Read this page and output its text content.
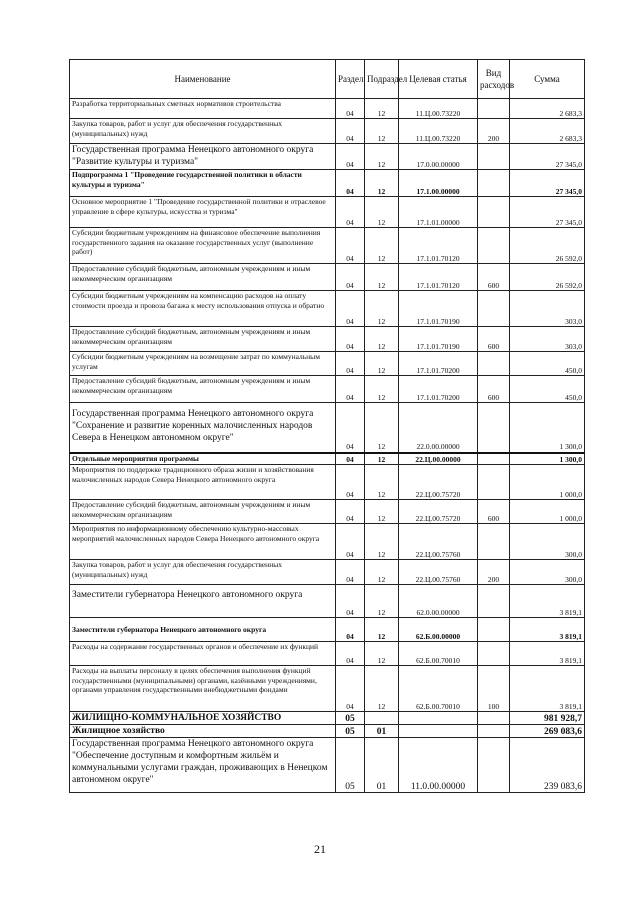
Наименование	Раздел	Подраздел	Целевая статья	Вид расходов	Сумма
Разработка территориальных сметных нормативов строительства	04	12	11.Ц.00.73220		2 683,3
Закупка товаров, работ и услуг для обеспечения государственных (муниципальных) нужд	04	12	11.Ц.00.73220	200	2 683,3
Государственная программа Ненецкого автономного округа "Развитие культуры и туризма"	04	12	17.0.00.00000		27 345,0
Подпрограмма 1 "Проведение государственной политики в области культуры и туризма"	04	12	17.1.00.00000		27 345,0
Основное мероприятие 1 "Проведение государственной политики и отраслевое управление в сфере культуры, искусства и туризма"	04	12	17.1.01.00000		27 345,0
Субсидии бюджетным учреждениям на финансовое обеспечение выполнения государственного задания на оказание государственных услуг (выполнение работ)	04	12	17.1.01.70120		26 592,0
Предоставление субсидий бюджетным, автономным учреждениям и иным некоммерческим организациям	04	12	17.1.01.70120	600	26 592,0
Субсидии бюджетным учреждениям на компенсацию расходов на оплату стоимости проезда и провоза багажа к месту использования отпуска и обратно	04	12	17.1.01.70190		303,0
Предоставление субсидий бюджетным, автономным учреждениям и иным некоммерческим организациям	04	12	17.1.01.70190	600	303,0
Субсидии бюджетным учреждениям на возмещение затрат по коммунальным услугам	04	12	17.1.01.70200		450,0
Предоставление субсидий бюджетным, автономным учреждениям и иным некоммерческим организациям	04	12	17.1.01.70200	600	450,0
Государственная программа Ненецкого автономного округа "Сохранение и развитие коренных малочисленных народов Севера в Ненецком автономном округе"	04	12	22.0.00.00000		1 300,0
Отдельные мероприятия программы	04	12	22.Ц.00.00000		1 300,0
Мероприятия по поддержке традиционного образа жизни и хозяйствования малочисленных народов Севера Ненецкого автономного округа	04	12	22.Ц.00.75720		1 000,0
Предоставление субсидий бюджетным, автономным учреждениям и иным некоммерческим организациям	04	12	22.Ц.00.75720	600	1 000,0
Мероприятия по информационному обеспечению культурно-массовых мероприятий малочисленных народов Севера Ненецкого автономного округа	04	12	22.Ц.00.75760		300,0
Закупка товаров, работ и услуг для обеспечения государственных (муниципальных) нужд	04	12	22.Ц.00.75760	200	300,0
Заместители губернатора Ненецкого автономного округа	04	12	62.0.00.00000		3 819,1
Заместители губернатора Ненецкого автономного округа	04	12	62.Б.00.00000		3 819,1
Расходы на содержание государственных органов и обеспечение их функций	04	12	62.Б.00.70010		3 819,1
Расходы на выплаты персоналу в целях обеспечения выполнения функций государственными (муниципальными) органами, казёнными учреждениями, органами управления государственными внебюджетными фондами	04	12	62.Б.00.70010	100	3 819,1
ЖИЛИЩНО-КОММУНАЛЬНОЕ ХОЗЯЙСТВО	05				981 928,7
Жилищное хозяйство	05	01			269 083,6
Государственная программа Ненецкого автономного округа "Обеспечение доступным и комфортным жильём и коммунальными услугами граждан, проживающих в Ненецком автономном округе"	05	01	11.0.00.00000		239 083,6
21
